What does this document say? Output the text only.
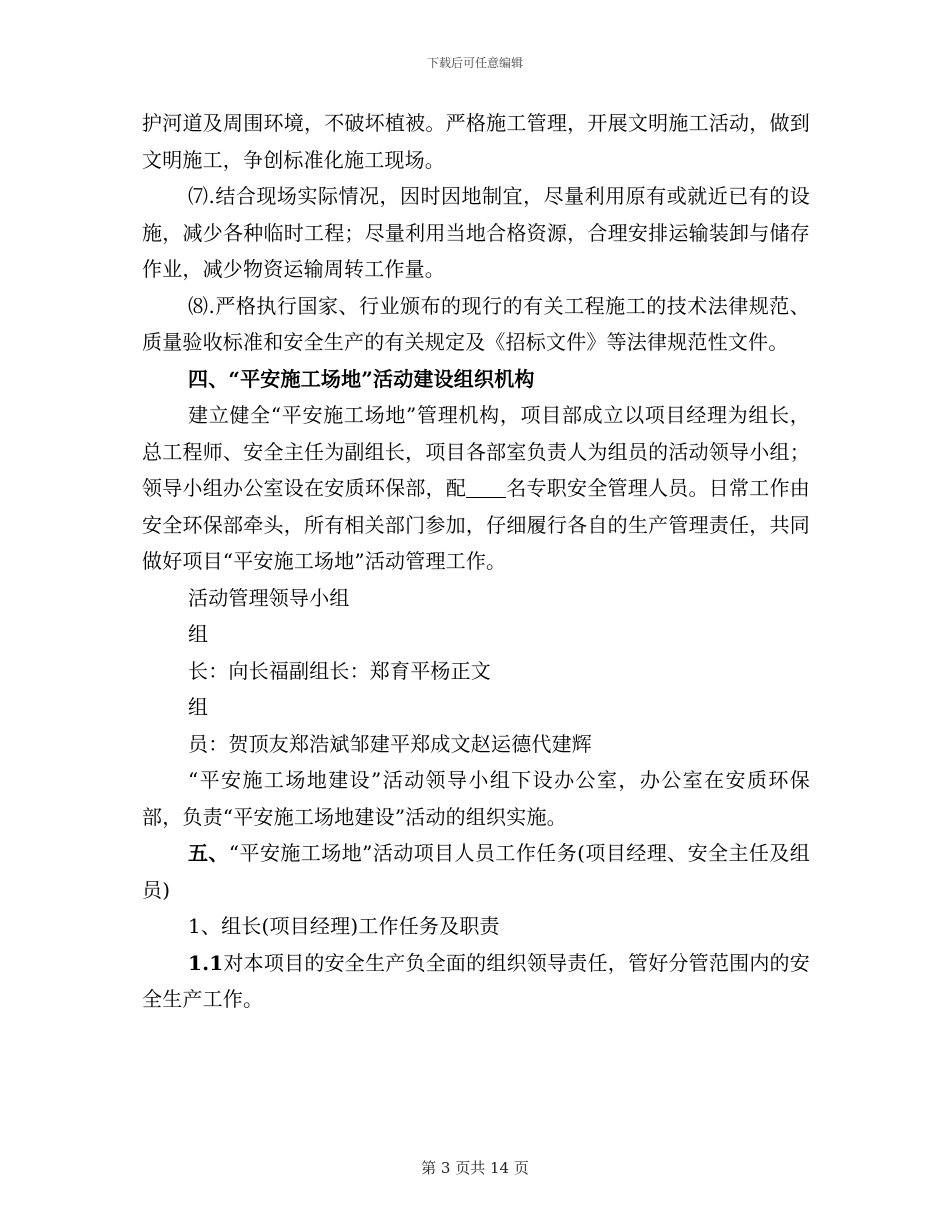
下载后可任意编辑

护河道及周围环境，不破坏植被。严格施工管理，开展文明施工活动，做到文明施工，争创标准化施工现场。

⑺.结合现场实际情况，因时因地制宜，尽量利用原有或就近已有的设施，减少各种临时工程；尽量利用当地合格资源，合理安排运输装卸与储存作业，减少物资运输周转工作量。

⑻.严格执行国家、行业颁布的现行的有关工程施工的技术法律规范、质量验收标准和安全生产的有关规定及《招标文件》等法律规范性文件。

四、“平安施工场地”活动建设组织机构

建立健全“平安施工场地”管理机构，项目部成立以项目经理为组长，总工程师、安全主任为副组长，项目各部室负责人为组员的活动领导小组；领导小组办公室设在安质环保部，配 名专职安全管理人员。日常工作由安全环保部牵头，所有相关部门参加，仔细履行各自的生产管理责任，共同做好项目“平安施工场地”活动管理工作。

活动管理领导小组

组

长：向长福副组长：郑育平杨正文

组

员：贺顶友郑浩斌邹建平郑成文赵运德代建辉

“平安施工场地建设”活动领导小组下设办公室，办公室在安质环保部，负责“平安施工场地建设”活动的组织实施。

五、“平安施工场地”活动项目人员工作任务(项目经理、安全主任及组员)

1、组长(项目经理)工作任务及职责

1.1对本项目的安全生产负全面的组织领导责任，管好分管范围内的安全生产工作。

第 3 页共 14 页
